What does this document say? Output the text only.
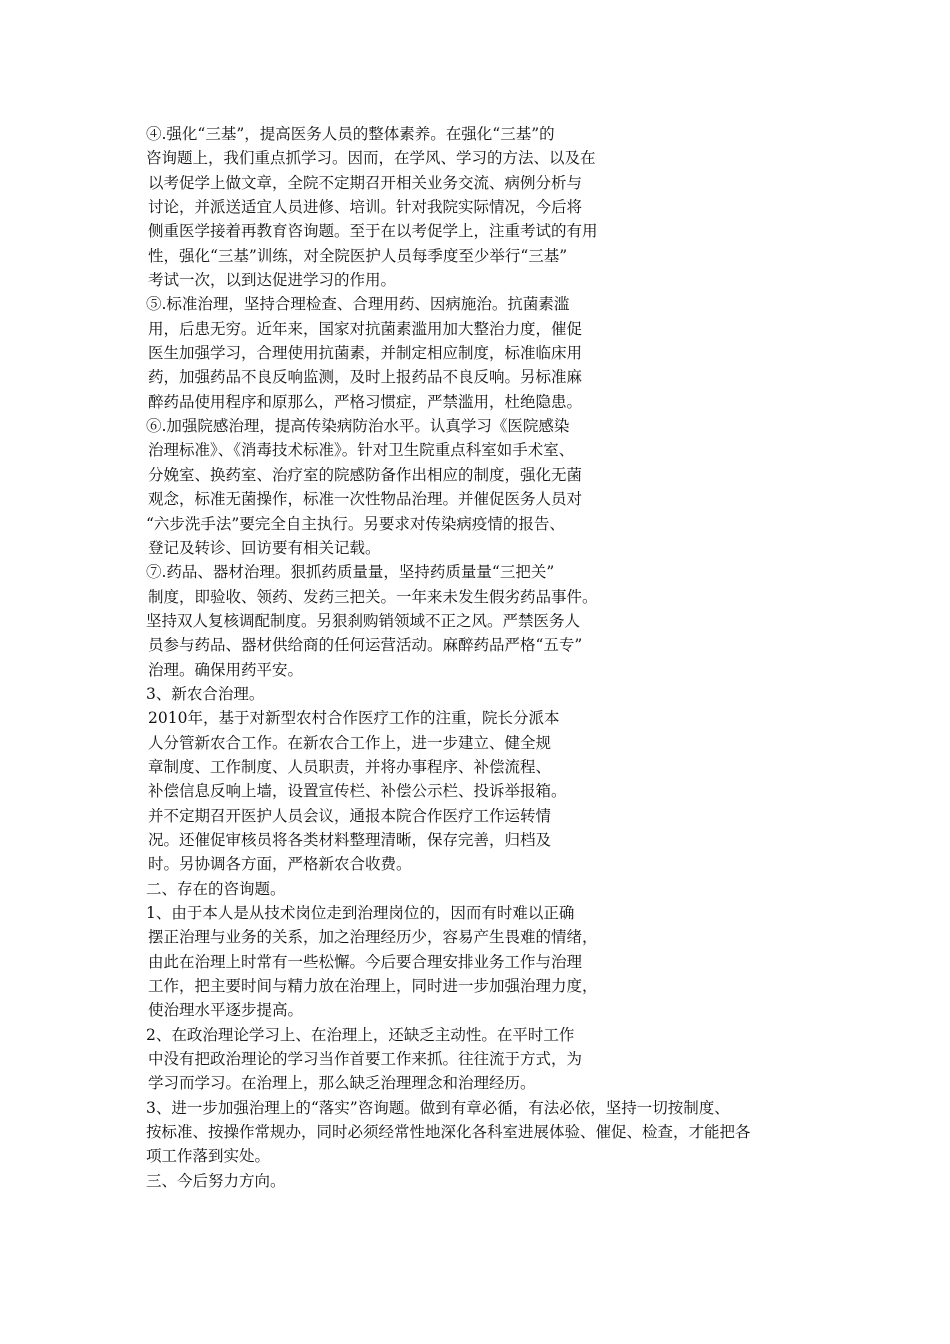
④.强化“三基”，提高医务人员的整体素养。在强化“三基”的
咨询题上，我们重点抓学习。因而，在学风、学习的方法、以及在
以考促学上做文章，全院不定期召开相关业务交流、病例分析与
讨论，并派送适宜人员进修、培训。针对我院实际情况，今后将
侧重医学接着再教育咨询题。至于在以考促学上，注重考试的有用
性，强化“三基”训练，对全院医护人员每季度至少举行“三基”
考试一次，以到达促进学习的作用。
⑤.标准治理，坚持合理检查、合理用药、因病施治。抗菌素滥
用，后患无穷。近年来，国家对抗菌素滥用加大整治力度，催促
医生加强学习，合理使用抗菌素，并制定相应制度，标准临床用
药，加强药品不良反响监测，及时上报药品不良反响。另标准麻
醉药品使用程序和原那么，严格习惯症，严禁滥用，杜绝隐患。
⑥.加强院感治理，提高传染病防治水平。认真学习《医院感染
治理标准》、《消毒技术标准》。针对卫生院重点科室如手术室、
分娩室、换药室、治疗室的院感防备作出相应的制度，强化无菌
观念，标准无菌操作，标准一次性物品治理。并催促医务人员对
“六步洗手法”要完全自主执行。另要求对传染病疫情的报告、
登记及转诊、回访要有相关记载。
⑦.药品、器材治理。狠抓药质量量，坚持药质量量“三把关”
制度，即验收、领药、发药三把关。一年来未发生假劣药品事件。
坚持双人复核调配制度。另狠刹购销领域不正之风。严禁医务人
员参与药品、器材供给商的任何运营活动。麻醉药品严格“五专”
治理。确保用药平安。
3、新农合治理。
2010年，基于对新型农村合作医疗工作的注重，院长分派本
人分管新农合工作。在新农合工作上，进一步建立、健全规
章制度、工作制度、人员职责，并将办事程序、补偿流程、
补偿信息反响上墙，设置宣传栏、补偿公示栏、投诉举报箱。
并不定期召开医护人员会议，通报本院合作医疗工作运转情
况。还催促审核员将各类材料整理清晰，保存完善，归档及
时。另协调各方面，严格新农合收费。
二、存在的咨询题。
1、由于本人是从技术岗位走到治理岗位的，因而有时难以正确
摆正治理与业务的关系，加之治理经历少，容易产生畏难的情绪，
由此在治理上时常有一些松懈。今后要合理安排业务工作与治理
工作，把主要时间与精力放在治理上，同时进一步加强治理力度，
使治理水平逐步提高。
2、在政治理论学习上、在治理上，还缺乏主动性。在平时工作
中没有把政治理论的学习当作首要工作来抓。往往流于方式，为
学习而学习。在治理上，那么缺乏治理理念和治理经历。
3、进一步加强治理上的“落实”咨询题。做到有章必循，有法必依，坚持一切按制度、
按标准、按操作常规办，同时必须经常性地深化各科室进展体验、催促、检查，才能把各
项工作落到实处。
三、今后努力方向。
